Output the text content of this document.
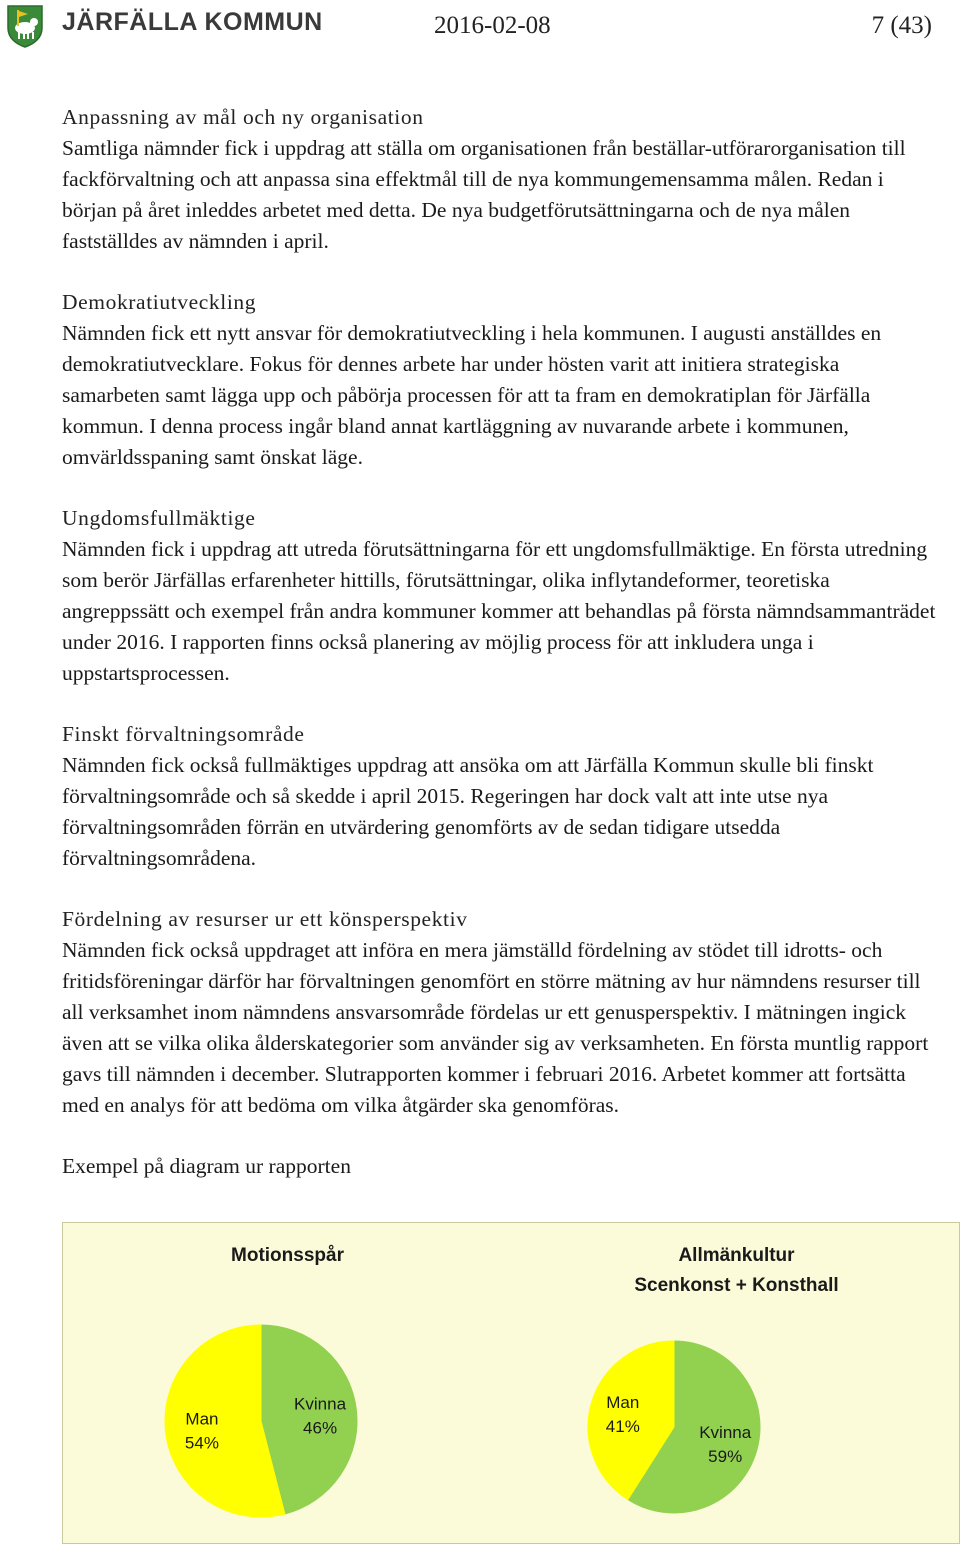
JÄRFÄLLA KOMMUN	2016-02-08	7 (43)
Anpassning av mål och ny organisation
Samtliga nämnder fick i uppdrag att ställa om organisationen från beställar-utförarorganisation till fackförvaltning och att anpassa sina effektmål till de nya kommungemensamma målen. Redan i början på året inleddes arbetet med detta. De nya budgetförutsättningarna och de nya målen fastställdes av nämnden i april.
Demokratiutveckling
Nämnden fick ett nytt ansvar för demokratiutveckling i hela kommunen. I augusti anställdes en demokratiutvecklare. Fokus för dennes arbete har under hösten varit att initiera strategiska samarbeten samt lägga upp och påbörja processen för att ta fram en demokratiplan för Järfälla kommun. I denna process ingår bland annat kartläggning av nuvarande arbete i kommunen, omvärldsspaning samt önskat läge.
Ungdomsfullmäktige
Nämnden fick i uppdrag att utreda förutsättningarna för ett ungdomsfullmäktige. En första utredning som berör Järfällas erfarenheter hittills, förutsättningar, olika inflytandeformer, teoretiska angreppssätt och exempel från andra kommuner kommer att behandlas på första nämndsammanträdet under 2016. I rapporten finns också planering av möjlig process för att inkludera unga i uppstartsprocessen.
Finskt förvaltningsområde
Nämnden fick också fullmäktiges uppdrag att ansöka om att Järfälla Kommun skulle bli finskt förvaltningsområde och så skedde i april 2015. Regeringen har dock valt att inte utse nya förvaltningsområden förrän en utvärdering genomförts av de sedan tidigare utsedda förvaltningsområdena.
Fördelning av resurser ur ett könsperspektiv
Nämnden fick också uppdraget att införa en mera jämställd fördelning av stödet till idrotts- och fritidsföreningar därför har förvaltningen genomfört en större mätning av hur nämndens resurser till all verksamhet inom nämndens ansvarsområde fördelas ur ett genusperspektiv. I mätningen ingick även att se vilka olika ålderskategorier som använder sig av verksamheten. En första muntlig rapport gavs till nämnden i december. Slutrapporten kommer i februari 2016. Arbetet kommer att fortsätta med en analys för att bedöma om vilka åtgärder ska genomföras.
Exempel på diagram ur rapporten
Motionsspår
Kvinna
46%
Man
54%
Allmänkultur
Scenkonst + Konsthall
Kvinna
59%
Man
41%
